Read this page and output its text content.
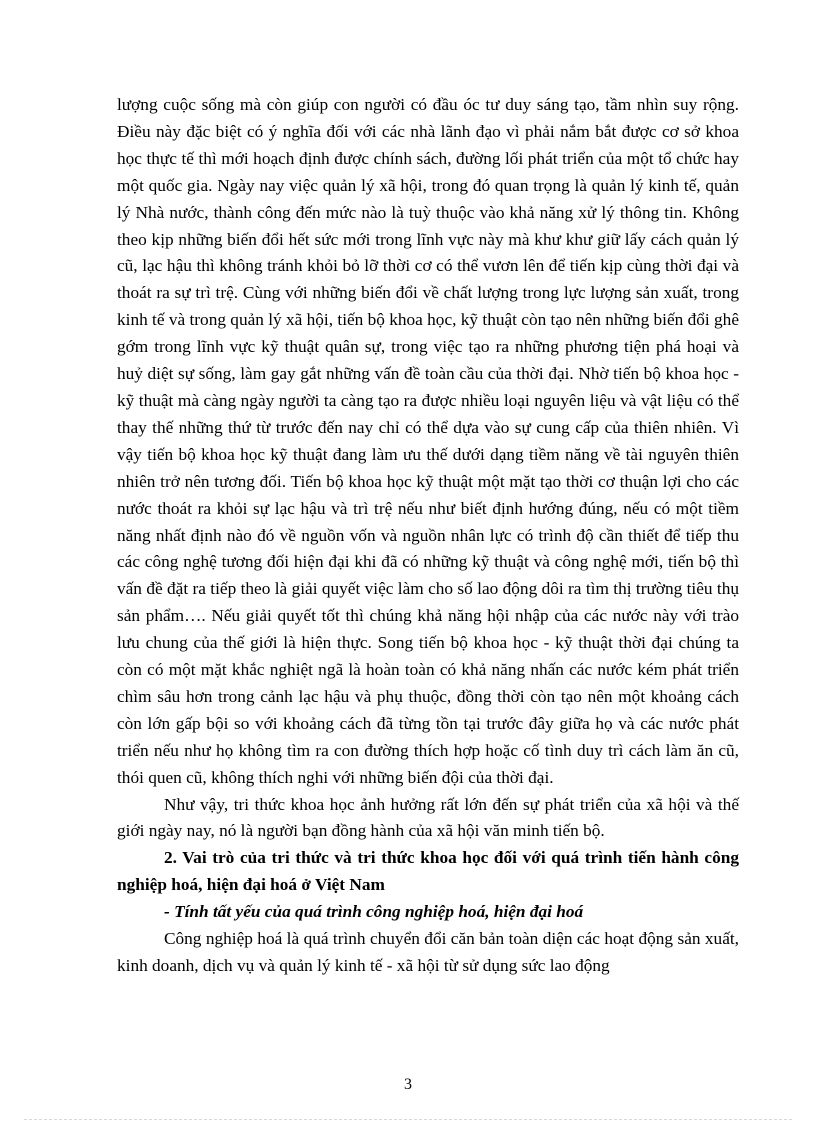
lượng cuộc sống mà còn giúp con người có đầu óc tư duy sáng tạo, tầm nhìn suy rộng. Điều này đặc biệt có ý nghĩa đối với các nhà lãnh đạo vì phải nắm bắt được cơ sở khoa học thực tế thì mới hoạch định được chính sách, đường lối phát triển của một tổ chức hay một quốc gia. Ngày nay việc quản lý xã hội, trong đó quan trọng là quản lý kinh tế, quản lý Nhà nước, thành công đến mức nào là tuỳ thuộc vào khả năng xử lý thông tin. Không theo kịp những biến đổi hết sức mới trong lĩnh vực này mà khư khư giữ lấy cách quản lý cũ, lạc hậu thì không tránh khỏi bỏ lỡ thời cơ có thể vươn lên để tiến kịp cùng thời đại và thoát ra sự trì trệ. Cùng với những biến đổi về chất lượng trong lực lượng sản xuất, trong kinh tế và trong quản lý xã hội, tiến bộ khoa học, kỹ thuật còn tạo nên những biến đổi ghê gớm trong lĩnh vực kỹ thuật quân sự, trong việc tạo ra những phương tiện phá hoại và huỷ diệt sự sống, làm gay gắt những vấn đề toàn cầu của thời đại. Nhờ tiến bộ khoa học - kỹ thuật mà càng ngày người ta càng tạo ra được nhiều loại nguyên liệu và vật liệu có thể thay thế những thứ từ trước đến nay chỉ có thể dựa vào sự cung cấp của thiên nhiên. Vì vậy tiến bộ khoa học kỹ thuật đang làm ưu thế dưới dạng tiềm năng về tài nguyên thiên nhiên trở nên tương đối. Tiến bộ khoa học kỹ thuật một mặt tạo thời cơ thuận lợi cho các nước thoát ra khỏi sự lạc hậu và trì trệ nếu như biết định hướng đúng, nếu có một tiềm năng nhất định nào đó về nguồn vốn và nguồn nhân lực có trình độ cần thiết để tiếp thu các công nghệ tương đối hiện đại khi đã có những kỹ thuật và công nghệ mới, tiến bộ thì vấn đề đặt ra tiếp theo là giải quyết việc làm cho số lao động dôi ra tìm thị trường tiêu thụ sản phẩm…. Nếu giải quyết tốt thì chúng khả năng hội nhập của các nước này với trào lưu chung của thế giới là hiện thực. Song tiến bộ khoa học - kỹ thuật thời đại chúng ta còn có một mặt khắc nghiệt ngã là hoàn toàn có khả năng nhấn các nước kém phát triển chìm sâu hơn trong cảnh lạc hậu và phụ thuộc, đồng thời còn tạo nên một khoảng cách còn lớn gấp bội so với khoảng cách đã từng tồn tại trước đây giữa họ và các nước phát triển nếu như họ không tìm ra con đường thích hợp hoặc cố tình duy trì cách làm ăn cũ, thói quen cũ, không thích nghi với những biến đội của thời đại.

Như vậy, tri thức khoa học ảnh hưởng rất lớn đến sự phát triển của xã hội và thế giới ngày nay, nó là người bạn đồng hành của xã hội văn minh tiến bộ.

2. Vai trò của tri thức và tri thức khoa học đối với quá trình tiến hành công nghiệp hoá, hiện đại hoá ở Việt Nam

- Tính tất yếu của quá trình công nghiệp hoá, hiện đại hoá

Công nghiệp hoá là quá trình chuyển đổi căn bản toàn diện các hoạt động sản xuất, kinh doanh, dịch vụ và quản lý kinh tế - xã hội từ sử dụng sức lao động

3
